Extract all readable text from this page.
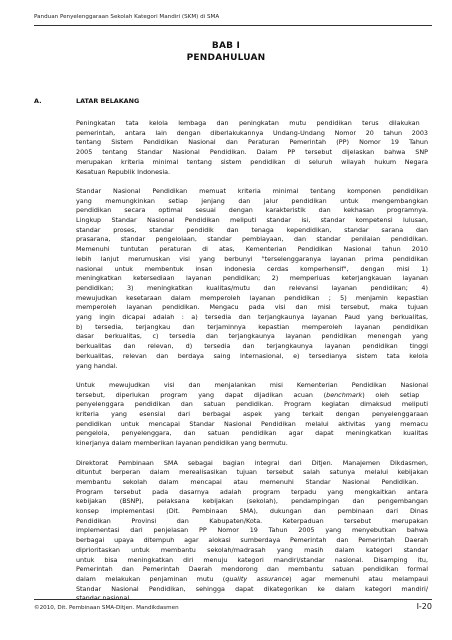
Panduan Penyelenggaraan Sekolah Kategori Mandiri (SKM) di SMA
BAB I
PENDAHULUAN
A.	LATAR BELAKANG

Peningkatan tata kelola lembaga dan peningkatan mutu pendidikan terus dilakukan
pemerintah, antara lain dengan diberlakukannya Undang-Undang Nomor 20 tahun 2003
tentang Sistem Pendidikan Nasional dan Peraturan Pemerintah (PP) Nomor 19 Tahun
2005 tentang Standar Nasional Pendidikan. Dalam PP tersebut dijelaskan bahwa SNP
merupakan kriteria minimal tentang sistem pendidikan di seluruh wilayah hukum Negara
Kesatuan Republik Indonesia.

Standar Nasional Pendidikan memuat kriteria minimal tentang komponen pendidikan
yang memungkinkan setiap jenjang dan jalur pendidikan untuk mengembangkan
pendidikan secara optimal sesuai dengan karakteristik dan kekhasan programnya.
Lingkup Standar Nasional Pendidikan meliputi standar isi, standar kompetensi lulusan,
standar proses, standar pendidik dan tenaga kependidikan, standar sarana dan
prasarana, standar pengelolaan, standar pembiayaan, dan standar penilaian pendidikan.
Memenuhi tuntutan peraturan di atas, Kementerian Pendidikan Nasional tahun 2010
lebih lanjut merumuskan visi yang berbunyi "terselenggaranya layanan prima pendidikan
nasional untuk membentuk insan indonesia cerdas komperhensif", dengan misi 1)
meningkatkan ketersediaan layanan pendidikan; 2) memperluas keterjangkauan layanan
pendidikan; 3) meningkatkan kualitas/mutu dan relevansi layanan pendidikan; 4)
mewujudkan kesetaraan dalam memperoleh layanan pendidikan ; 5) menjamin kepastian
memperoleh layanan pendidikan. Mengacu pada visi dan misi tersebut, maka tujuan
yang ingin dicapai adalah : a) tersedia dan terjangkaunya layanan Paud yang berkualitas,
b) tersedia, terjangkau dan terjaminnya kepastian memperoleh layanan pendidikan
dasar berkualitas, c) tersedia dan terjangkaunya layanan pendidikan menengah yang
berkualitas dan relevan, d) tersedia dan terjangkaunya layanan pendidikan tinggi
berkualitas, relevan dan berdaya saing internasional, e) tersedianya sistem tata kelola
yang handal.

Untuk mewujudkan visi dan menjalankan misi Kementerian Pendidikan Nasional
tersebut, diperlukan program yang dapat dijadikan acuan (benchmark) oleh setiap
penyelenggara pendidikan dan satuan pendidikan. Program kegiatan dimaksud meliputi
kriteria yang esensial dari berbagai aspek yang terkait dengan penyelenggaraan
pendidikan untuk mencapai Standar Nasional Pendidikan melalui aktivitas yang memacu
pengelola, penyelenggara, dan satuan pendidikan agar dapat meningkatkan kualitas
kinerjanya dalam memberikan layanan pendidikan yang bermutu.

Direktorat Pembinaan SMA sebagai bagian integral dari Ditjen. Manajemen Dikdasmen,
dituntut berperan dalam merealisasikan tujuan tersebut salah satunya melalui kebijakan
membantu sekolah dalam mencapai atau memenuhi Standar Nasional Pendidikan.
Program tersebut pada dasarnya adalah program terpadu yang mengkaitkan antara
kebijakan (BSNP), pelaksana kebijakan (sekolah), pendampingan dan pengembangan
konsep implementasi (Dit. Pembinaan SMA), dukungan dan pembinaan dari Dinas
Pendidikan Provinsi dan Kabupaten/Kota. Keterpaduan tersebut merupakan
implementasi dari penjelasan PP Nomor 19 Tahun 2005 yang menyebutkan bahwa
berbagai upaya ditempuh agar alokasi sumberdaya Pemerintah dan Pemerintah Daerah
diprioritaskan untuk membantu sekolah/madrasah yang masih dalam kategori standar
untuk bisa meningkatkan diri menuju kategori mandiri/standar nasional. Disamping itu,
Pemerintah dan Pemerintah Daerah mendorong dan membantu satuan pendidikan formal
dalam melakukan penjaminan mutu (quality assurance) agar memenuhi atau melampaui
Standar Nasional Pendidikan, sehingga dapat dikategorikan ke dalam kategori mandiri/
standar nasional.

©2010, Dit. Pembinaan SMA-Ditjen. Mandikdasmen	I-20
